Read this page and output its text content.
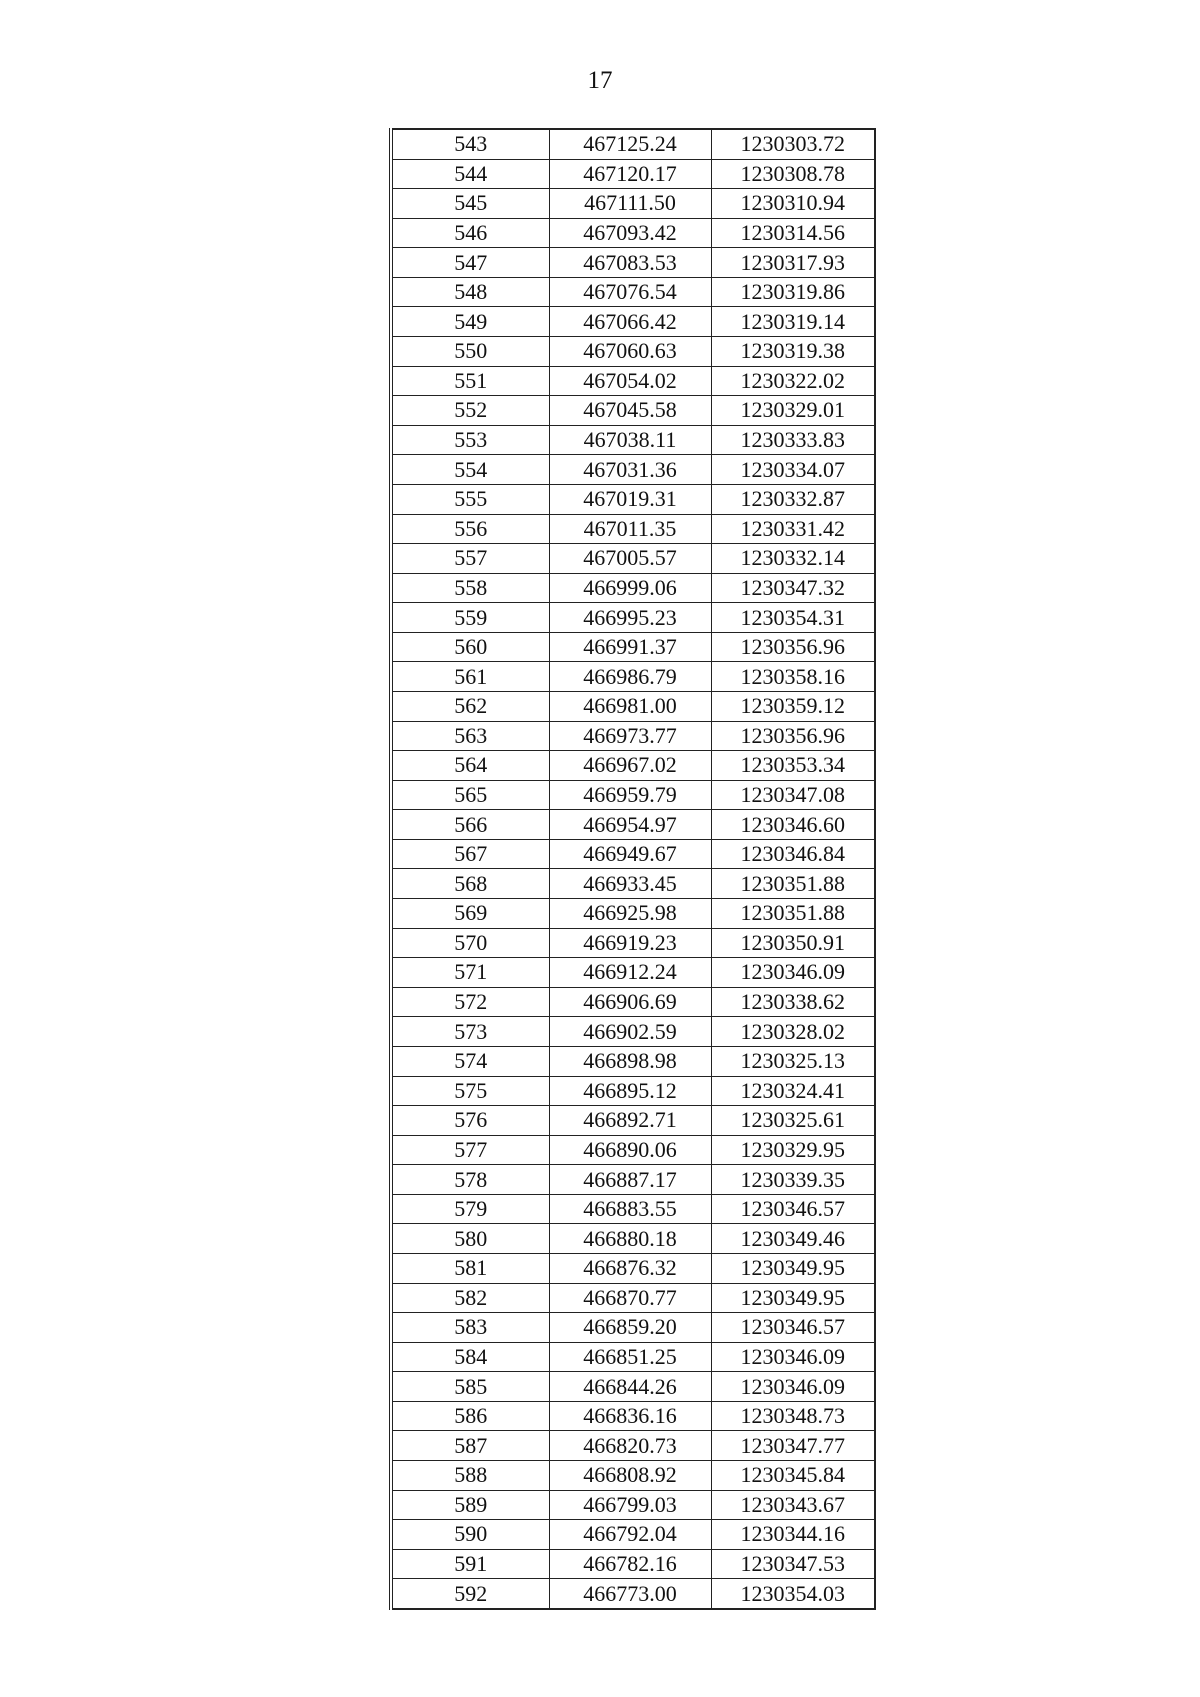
17
543	467125.24	1230303.72
544	467120.17	1230308.78
545	467111.50	1230310.94
546	467093.42	1230314.56
547	467083.53	1230317.93
548	467076.54	1230319.86
549	467066.42	1230319.14
550	467060.63	1230319.38
551	467054.02	1230322.02
552	467045.58	1230329.01
553	467038.11	1230333.83
554	467031.36	1230334.07
555	467019.31	1230332.87
556	467011.35	1230331.42
557	467005.57	1230332.14
558	466999.06	1230347.32
559	466995.23	1230354.31
560	466991.37	1230356.96
561	466986.79	1230358.16
562	466981.00	1230359.12
563	466973.77	1230356.96
564	466967.02	1230353.34
565	466959.79	1230347.08
566	466954.97	1230346.60
567	466949.67	1230346.84
568	466933.45	1230351.88
569	466925.98	1230351.88
570	466919.23	1230350.91
571	466912.24	1230346.09
572	466906.69	1230338.62
573	466902.59	1230328.02
574	466898.98	1230325.13
575	466895.12	1230324.41
576	466892.71	1230325.61
577	466890.06	1230329.95
578	466887.17	1230339.35
579	466883.55	1230346.57
580	466880.18	1230349.46
581	466876.32	1230349.95
582	466870.77	1230349.95
583	466859.20	1230346.57
584	466851.25	1230346.09
585	466844.26	1230346.09
586	466836.16	1230348.73
587	466820.73	1230347.77
588	466808.92	1230345.84
589	466799.03	1230343.67
590	466792.04	1230344.16
591	466782.16	1230347.53
592	466773.00	1230354.03
